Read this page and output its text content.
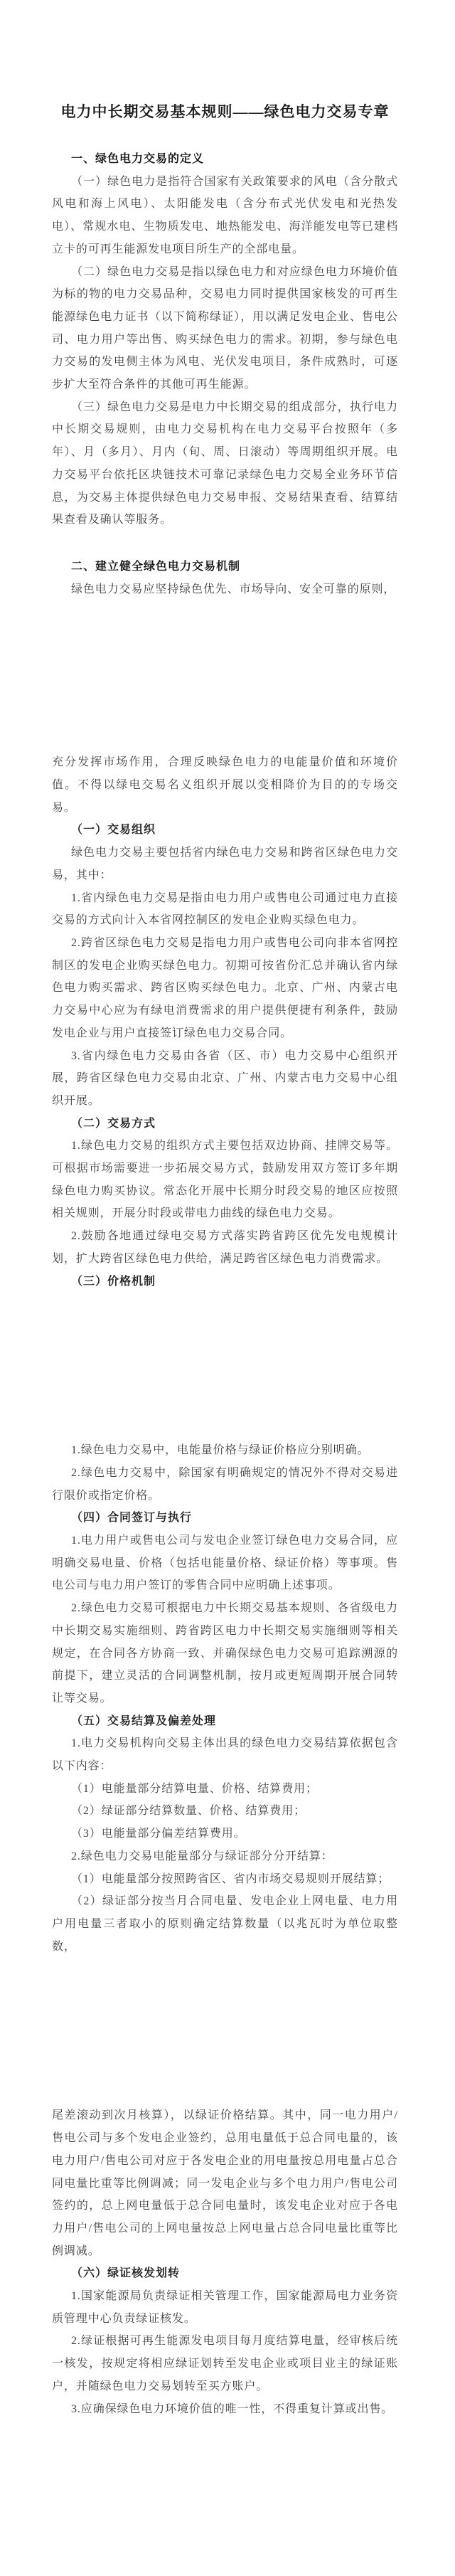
电力中长期交易基本规则——绿色电力交易专章
一、绿色电力交易的定义

（一）绿色电力是指符合国家有关政策要求的风电（含分散式风电和海上风电）、太阳能发电（含分布式光伏发电和光热发电）、常规水电、生物质发电、地热能发电、海洋能发电等已建档立卡的可再生能源发电项目所生产的全部电量。

（二）绿色电力交易是指以绿色电力和对应绿色电力环境价值为标的物的电力交易品种，交易电力同时提供国家核发的可再生能源绿色电力证书（以下简称绿证），用以满足发电企业、售电公司、电力用户等出售、购买绿色电力的需求。初期，参与绿色电力交易的发电侧主体为风电、光伏发电项目，条件成熟时，可逐步扩大至符合条件的其他可再生能源。

（三）绿色电力交易是电力中长期交易的组成部分，执行电力中长期交易规则，由电力交易机构在电力交易平台按照年（多年）、月（多月）、月内（旬、周、日滚动）等周期组织开展。电力交易平台依托区块链技术可靠记录绿色电力交易全业务环节信息，为交易主体提供绿色电力交易申报、交易结果查看、结算结果查看及确认等服务。

二、建立健全绿色电力交易机制

绿色电力交易应坚持绿色优先、市场导向、安全可靠的原则，

充分发挥市场作用，合理反映绿色电力的电能量价值和环境价值。不得以绿电交易名义组织开展以变相降价为目的的专场交易。

（一）交易组织

绿色电力交易主要包括省内绿色电力交易和跨省区绿色电力交易，其中：

1.省内绿色电力交易是指由电力用户或售电公司通过电力直接交易的方式向计入本省网控制区的发电企业购买绿色电力。

2.跨省区绿色电力交易是指电力用户或售电公司向非本省网控制区的发电企业购买绿色电力。初期可按省份汇总并确认省内绿色电力购买需求、跨省区购买绿色电力。北京、广州、内蒙古电力交易中心应为有绿电消费需求的用户提供便捷有利条件，鼓励发电企业与用户直接签订绿色电力交易合同。

3.省内绿色电力交易由各省（区、市）电力交易中心组织开展，跨省区绿色电力交易由北京、广州、内蒙古电力交易中心组织开展。

（二）交易方式

1.绿色电力交易的组织方式主要包括双边协商、挂牌交易等。可根据市场需要进一步拓展交易方式，鼓励发用双方签订多年期绿色电力购买协议。常态化开展中长期分时段交易的地区应按照相关规则，开展分时段或带电力曲线的绿色电力交易。

2.鼓励各地通过绿电交易方式落实跨省跨区优先发电规模计划，扩大跨省区绿色电力供给，满足跨省区绿色电力消费需求。

（三）价格机制

1.绿色电力交易中，电能量价格与绿证价格应分别明确。

2.绿色电力交易中，除国家有明确规定的情况外不得对交易进行限价或指定价格。

（四）合同签订与执行

1.电力用户或售电公司与发电企业签订绿色电力交易合同，应明确交易电量、价格（包括电能量价格、绿证价格）等事项。售电公司与电力用户签订的零售合同中应明确上述事项。

2.绿色电力交易可根据电力中长期交易基本规则、各省级电力中长期交易实施细则、跨省跨区电力中长期交易实施细则等相关规定，在合同各方协商一致、并确保绿色电力交易可追踪溯源的前提下，建立灵活的合同调整机制，按月或更短周期开展合同转让等交易。

（五）交易结算及偏差处理

1.电力交易机构向交易主体出具的绿色电力交易结算依据包含以下内容：

（1）电能量部分结算电量、价格、结算费用；

（2）绿证部分结算数量、价格、结算费用；

（3）电能量部分偏差结算费用。

2.绿色电力交易电能量部分与绿证部分分开结算：

（1）电能量部分按照跨省区、省内市场交易规则开展结算；

（2）绿证部分按当月合同电量、发电企业上网电量、电力用户用电量三者取小的原则确定结算数量（以兆瓦时为单位取整数，

尾差滚动到次月核算），以绿证价格结算。其中，同一电力用户/售电公司与多个发电企业签约，总用电量低于总合同电量的，该电力用户/售电公司对应于各发电企业的用电量按总用电量占总合同电量比重等比例调减；同一发电企业与多个电力用户/售电公司签约的，总上网电量低于总合同电量时，该发电企业对应于各电力用户/售电公司的上网电量按总上网电量占总合同电量比重等比例调减。

（六）绿证核发划转

1.国家能源局负责绿证相关管理工作，国家能源局电力业务资质管理中心负责绿证核发。

2.绿证根据可再生能源发电项目每月度结算电量，经审核后统一核发，按规定将相应绿证划转至发电企业或项目业主的绿证账户，并随绿色电力交易划转至买方账户。

3.应确保绿色电力环境价值的唯一性，不得重复计算或出售。
